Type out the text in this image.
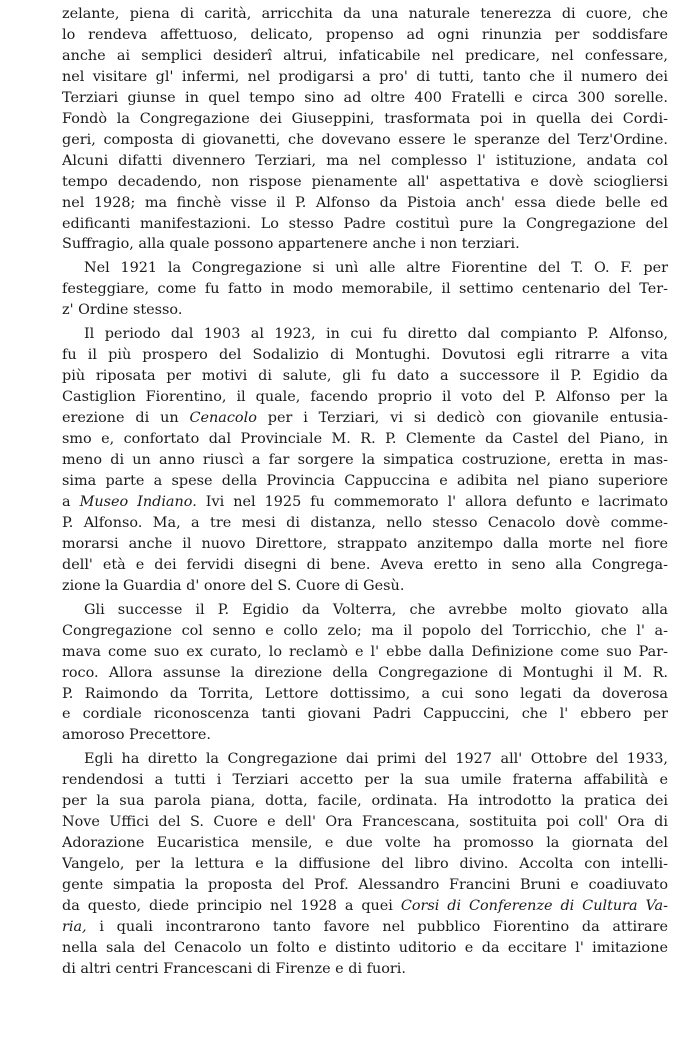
zelante, piena di carità, arricchita da una naturale tenerezza di cuore, che
lo rendeva affettuoso, delicato, propenso ad ogni rinunzia per soddisfare
anche ai semplici desiderî altrui, infaticabile nel predicare, nel confessare,
nel visitare gl' infermi, nel prodigarsi a pro' di tutti, tanto che il numero dei
Terziari giunse in quel tempo sino ad oltre 400 Fratelli e circa 300 sorelle.
Fondò la Congregazione dei Giuseppini, trasformata poi in quella dei Cordi-
geri, composta di giovanetti, che dovevano essere le speranze del Terz'Ordine.
Alcuni difatti divennero Terziari, ma nel complesso l' istituzione, andata col
tempo decadendo, non rispose pienamente all' aspettativa e dovè sciogliersi
nel 1928; ma finchè visse il P. Alfonso da Pistoia anch' essa diede belle ed
edificanti manifestazioni. Lo stesso Padre costituì pure la Congregazione del
Suffragio, alla quale possono appartenere anche i non terziari.
Nel 1921 la Congregazione si unì alle altre Fiorentine del T. O. F. per
festeggiare, come fu fatto in modo memorabile, il settimo centenario del Ter-
z' Ordine stesso.
Il periodo dal 1903 al 1923, in cui fu diretto dal compianto P. Alfonso,
fu il più prospero del Sodalizio di Montughi. Dovutosi egli ritrarre a vita
più riposata per motivi di salute, gli fu dato a successore il P. Egidio da
Castiglion Fiorentino, il quale, facendo proprio il voto del P. Alfonso per la
erezione di un Cenacolo per i Terziari, vi si dedicò con giovanile entusia-
smo e, confortato dal Provinciale M. R. P. Clemente da Castel del Piano, in
meno di un anno riuscì a far sorgere la simpatica costruzione, eretta in mas-
sima parte a spese della Provincia Cappuccina e adibita nel piano superiore
a Museo Indiano. Ivi nel 1925 fu commemorato l' allora defunto e lacrimato
P. Alfonso. Ma, a tre mesi di distanza, nello stesso Cenacolo dovè comme-
morarsi anche il nuovo Direttore, strappato anzitempo dalla morte nel fiore
dell' età e dei fervidi disegni di bene. Aveva eretto in seno alla Congrega-
zione la Guardia d' onore del S. Cuore di Gesù.
Gli successe il P. Egidio da Volterra, che avrebbe molto giovato alla
Congregazione col senno e collo zelo; ma il popolo del Torricchio, che l' a-
mava come suo ex curato, lo reclamò e l' ebbe dalla Definizione come suo Par-
roco. Allora assunse la direzione della Congregazione di Montughi il M. R.
P. Raimondo da Torrita, Lettore dottissimo, a cui sono legati da doverosa
e cordiale riconoscenza tanti giovani Padri Cappuccini, che l' ebbero per
amoroso Precettore.
Egli ha diretto la Congregazione dai primi del 1927 all' Ottobre del 1933,
rendendosi a tutti i Terziari accetto per la sua umile fraterna affabilità e
per la sua parola piana, dotta, facile, ordinata. Ha introdotto la pratica dei
Nove Uffici del S. Cuore e dell' Ora Francescana, sostituita poi coll' Ora di
Adorazione Eucaristica mensile, e due volte ha promosso la giornata del
Vangelo, per la lettura e la diffusione del libro divino. Accolta con intelli-
gente simpatia la proposta del Prof. Alessandro Francini Bruni e coadiuvato
da questo, diede principio nel 1928 a quei Corsi di Conferenze di Cultura Va-
ria, i quali incontrarono tanto favore nel pubblico Fiorentino da attirare
nella sala del Cenacolo un folto e distinto uditorio e da eccitare l' imitazione
di altri centri Francescani di Firenze e di fuori.
